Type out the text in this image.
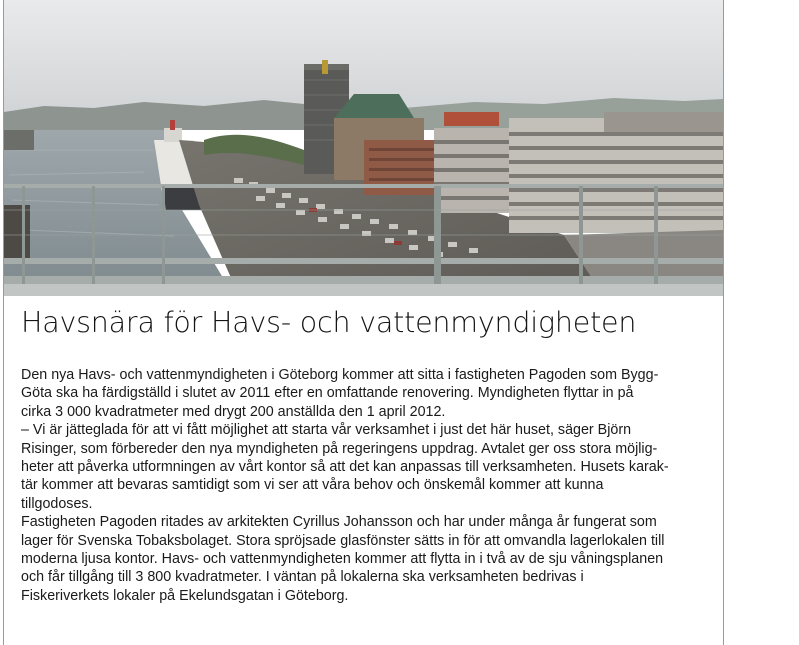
Havsnära för Havs- och vattenmyndigheten
Den nya Havs- och vattenmyndigheten i Göteborg kommer att sitta i fastigheten Pagoden som Bygg-
Göta ska ha färdigställd i slutet av 2011 efter en omfattande renovering. Myndigheten flyttar in på
cirka 3 000 kvadratmeter med drygt 200 anställda den 1 april 2012.
– Vi är jätteglada för att vi fått möjlighet att starta vår verksamhet i just det här huset, säger Björn
Risinger, som förbereder den nya myndigheten på regeringens uppdrag. Avtalet ger oss stora möjlig-
heter att påverka utformningen av vårt kontor så att det kan anpassas till verksamheten. Husets karak-
tär kommer att bevaras samtidigt som vi ser att våra behov och önskemål kommer att kunna
tillgodoses.
Fastigheten Pagoden ritades av arkitekten Cyrillus Johansson och har under många år fungerat som
lager för Svenska Tobaksbolaget. Stora spröjsade glasfönster sätts in för att omvandla lagerlokalen till
moderna ljusa kontor. Havs- och vattenmyndigheten kommer att flytta in i två av de sju våningsplanen
och får tillgång till 3 800 kvadratmeter. I väntan på lokalerna ska verksamheten bedrivas i
Fiskeriverkets lokaler på Ekelundsgatan i Göteborg.
